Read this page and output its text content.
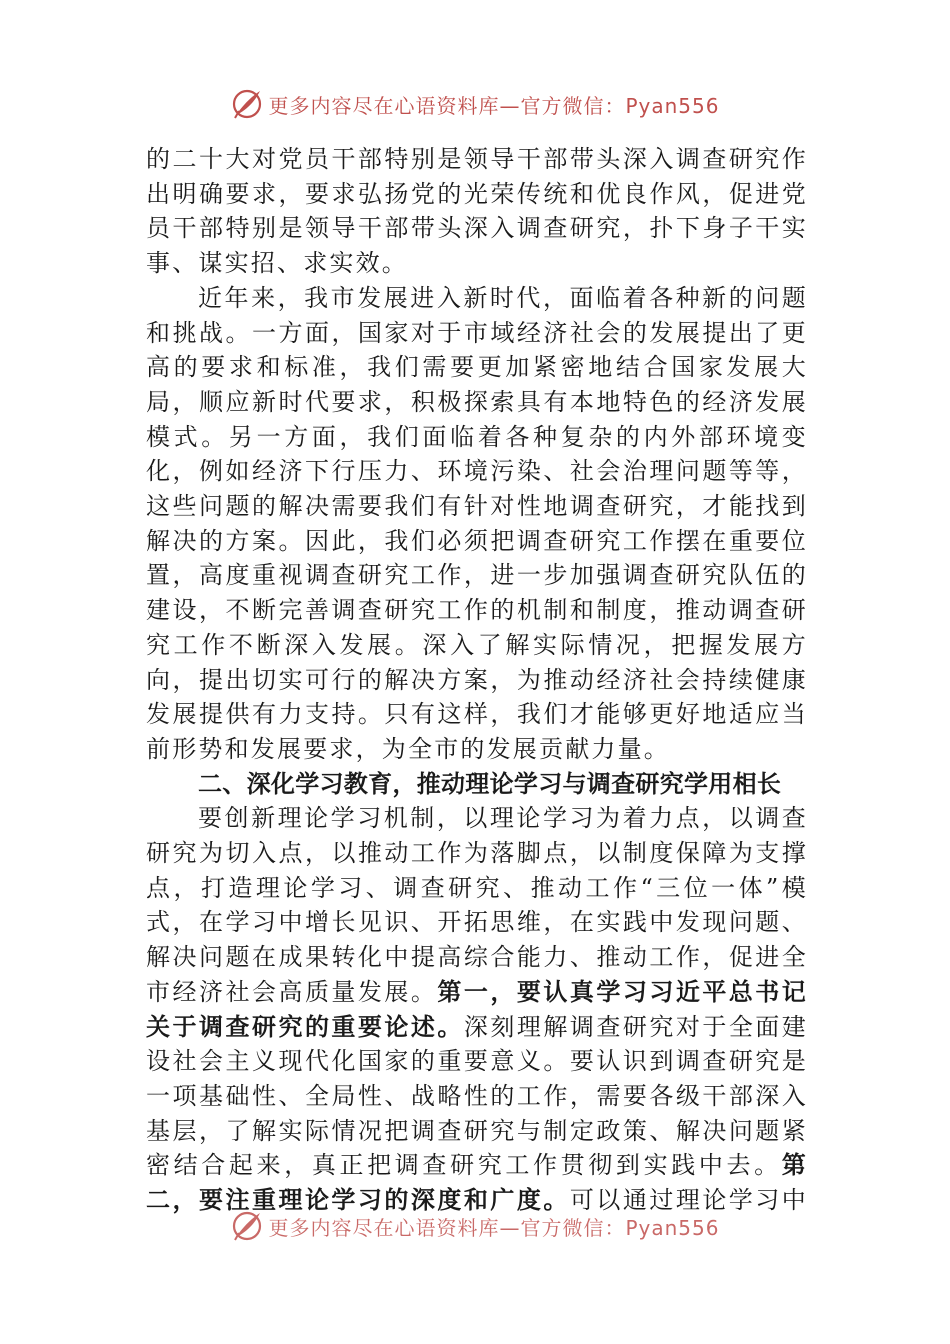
更多内容尽在心语资料库—官方微信：Pyan556

的二十大对党员干部特别是领导干部带头深入调查研究作出明确要求，要求弘扬党的光荣传统和优良作风，促进党员干部特别是领导干部带头深入调查研究，扑下身子干实事、谋实招、求实效。

近年来，我市发展进入新时代，面临着各种新的问题和挑战。一方面，国家对于市域经济社会的发展提出了更高的要求和标准，我们需要更加紧密地结合国家发展大局，顺应新时代要求，积极探索具有本地特色的经济发展模式。另一方面，我们面临着各种复杂的内外部环境变化，例如经济下行压力、环境污染、社会治理问题等等，这些问题的解决需要我们有针对性地调查研究，才能找到解决的方案。因此，我们必须把调查研究工作摆在重要位置，高度重视调查研究工作，进一步加强调查研究队伍的建设，不断完善调查研究工作的机制和制度，推动调查研究工作不断深入发展。深入了解实际情况，把握发展方向，提出切实可行的解决方案，为推动经济社会持续健康发展提供有力支持。只有这样，我们才能够更好地适应当前形势和发展要求，为全市的发展贡献力量。

二、深化学习教育，推动理论学习与调查研究学用相长

要创新理论学习机制，以理论学习为着力点，以调查研究为切入点，以推动工作为落脚点，以制度保障为支撑点，打造理论学习、调查研究、推动工作“三位一体”模式，在学习中增长见识、开拓思维，在实践中发现问题、解决问题在成果转化中提高综合能力、推动工作，促进全市经济社会高质量发展。第一，要认真学习习近平总书记关于调查研究的重要论述。深刻理解调查研究对于全面建设社会主义现代化国家的重要意义。要认识到调查研究是一项基础性、全局性、战略性的工作，需要各级干部深入基层，了解实际情况把调查研究与制定政策、解决问题紧密结合起来，真正把调查研究工作贯彻到实践中去。第二，要注重理论学习的深度和广度。可以通过理论学习中

更多内容尽在心语资料库—官方微信：Pyan556
